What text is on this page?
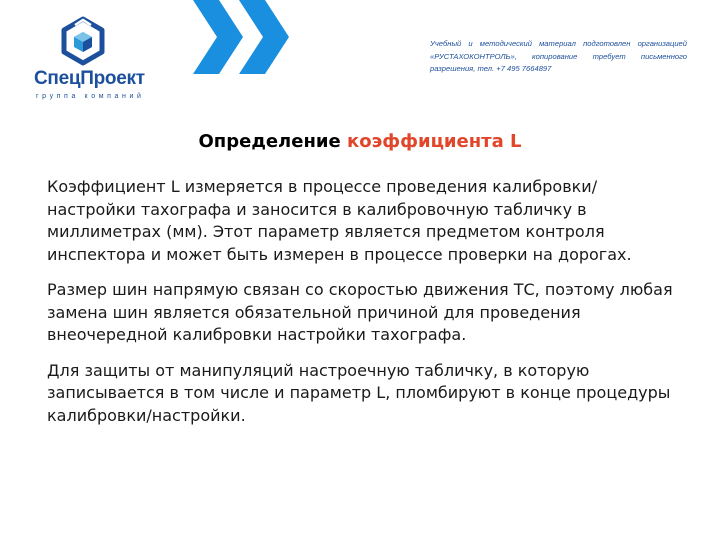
СпецПроект
группа компаний
Учебный и методический материал подготовлен организацией «РУСТАХОКОНТРОЛЬ», копирование требует письменного разрешения, тел. +7 495 7664897
Определение коэффициента L

Коэффициент L измеряется в процессе проведения калибровки/настройки тахографа и заносится в калибровочную табличку в миллиметрах (мм). Этот параметр является предметом контроля инспектора и может быть измерен в процессе проверки на дорогах.

Размер шин напрямую связан со скоростью движения ТС, поэтому любая замена шин является обязательной причиной для проведения внеочередной калибровки настройки тахографа.

Для защиты от манипуляций настроечную табличку, в которую записывается в том числе и параметр L, пломбируют в конце процедуры калибровки/настройки.
